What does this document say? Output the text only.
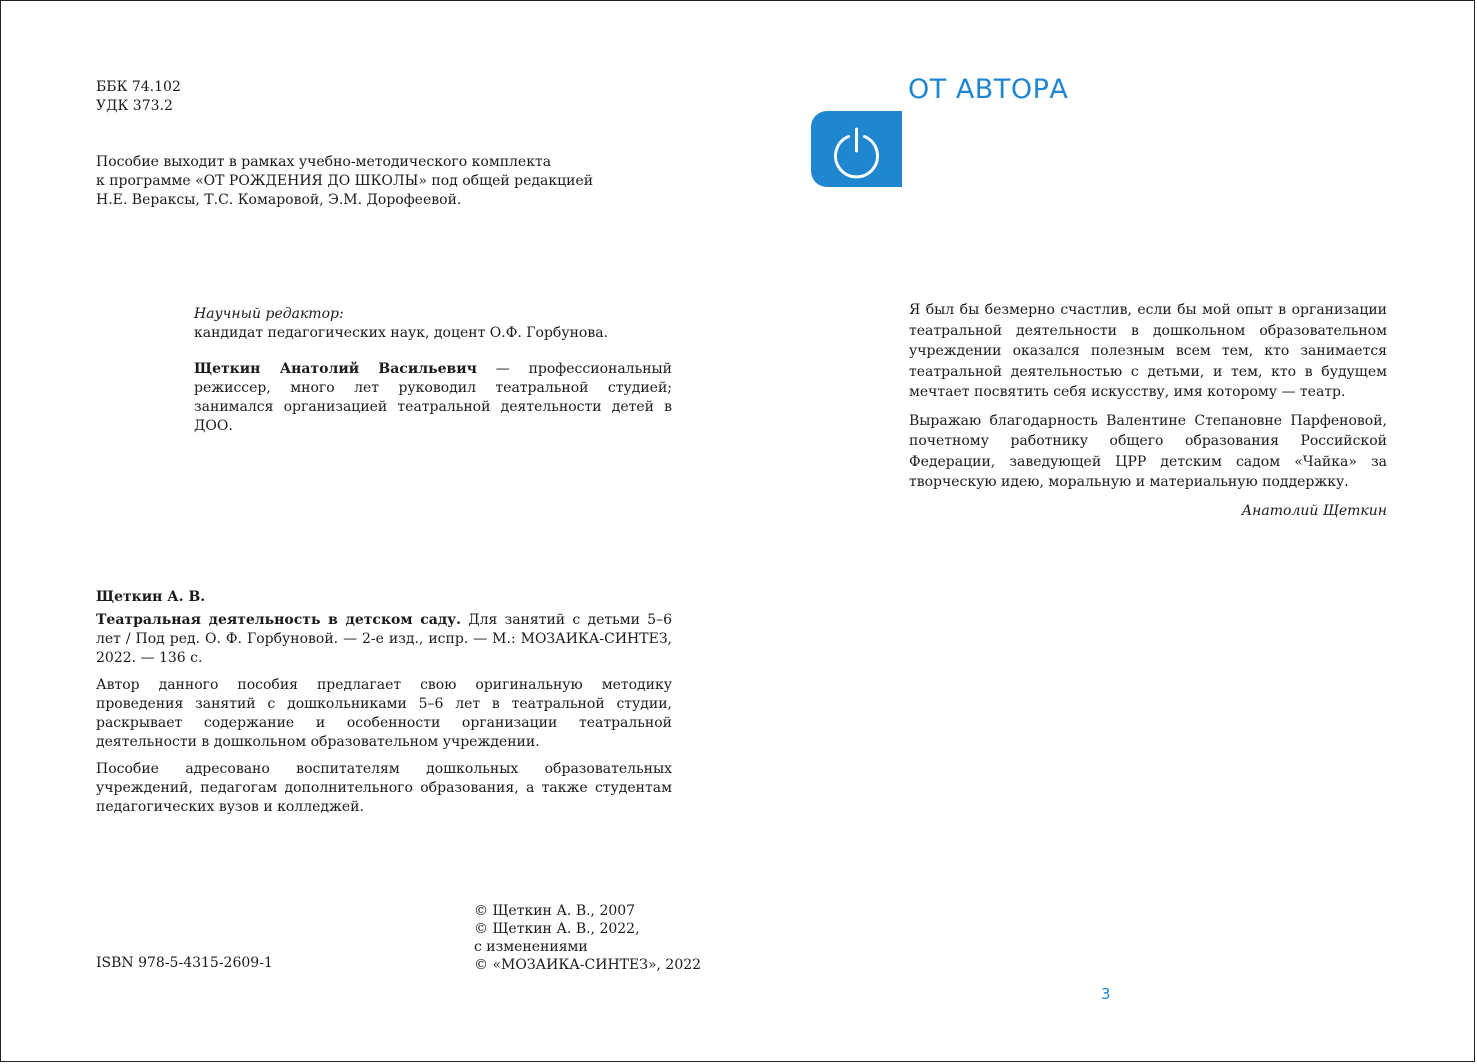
ББК 74.102
УДК 373.2
Пособие выходит в рамках учебно-методического комплекта
к программе «ОТ РОЖДЕНИЯ ДО ШКОЛЫ» под общей редакцией
Н.Е. Вераксы, Т.С. Комаровой, Э.М. Дорофеевой.
Научный редактор:
кандидат педагогических наук, доцент О.Ф. Горбунова.
Щеткин Анатолий Васильевич — профессиональный режиссер, много лет руководил театральной студией; занимался организацией театральной деятельности детей в ДОО.
Щеткин А. В.

Театральная деятельность в детском саду. Для занятий с детьми 5–6 лет / Под ред. О. Ф. Горбуновой. — 2-е изд., испр. — М.: МОЗАИКА-СИНТЕЗ, 2022. — 136 с.

Автор данного пособия предлагает свою оригинальную методику проведения занятий с дошкольниками 5–6 лет в театральной студии, раскрывает содержание и особенности организации театральной деятельности в дошкольном образовательном учреждении.

Пособие адресовано воспитателям дошкольных образовательных учреждений, педагогам дополнительного образования, а также студентам педагогических вузов и колледжей.

© Щеткин А. В., 2007
© Щеткин А. В., 2022,
с изменениями
© «МОЗАИКА-СИНТЕЗ», 2022
ISBN 978-5-4315-2609-1
ОТ АВТОРА

Я был бы безмерно счастлив, если бы мой опыт в организации театральной деятельности в дошкольном образовательном учреждении оказался полезным всем тем, кто занимается театральной деятельностью с детьми, и тем, кто в будущем мечтает посвятить себя искусству, имя которому — театр.

Выражаю благодарность Валентине Степановне Парфеновой, почетному работнику общего образования Российской Федерации, заведующей ЦРР детским садом «Чайка» за творческую идею, моральную и материальную поддержку.

Анатолий Щеткин
3
